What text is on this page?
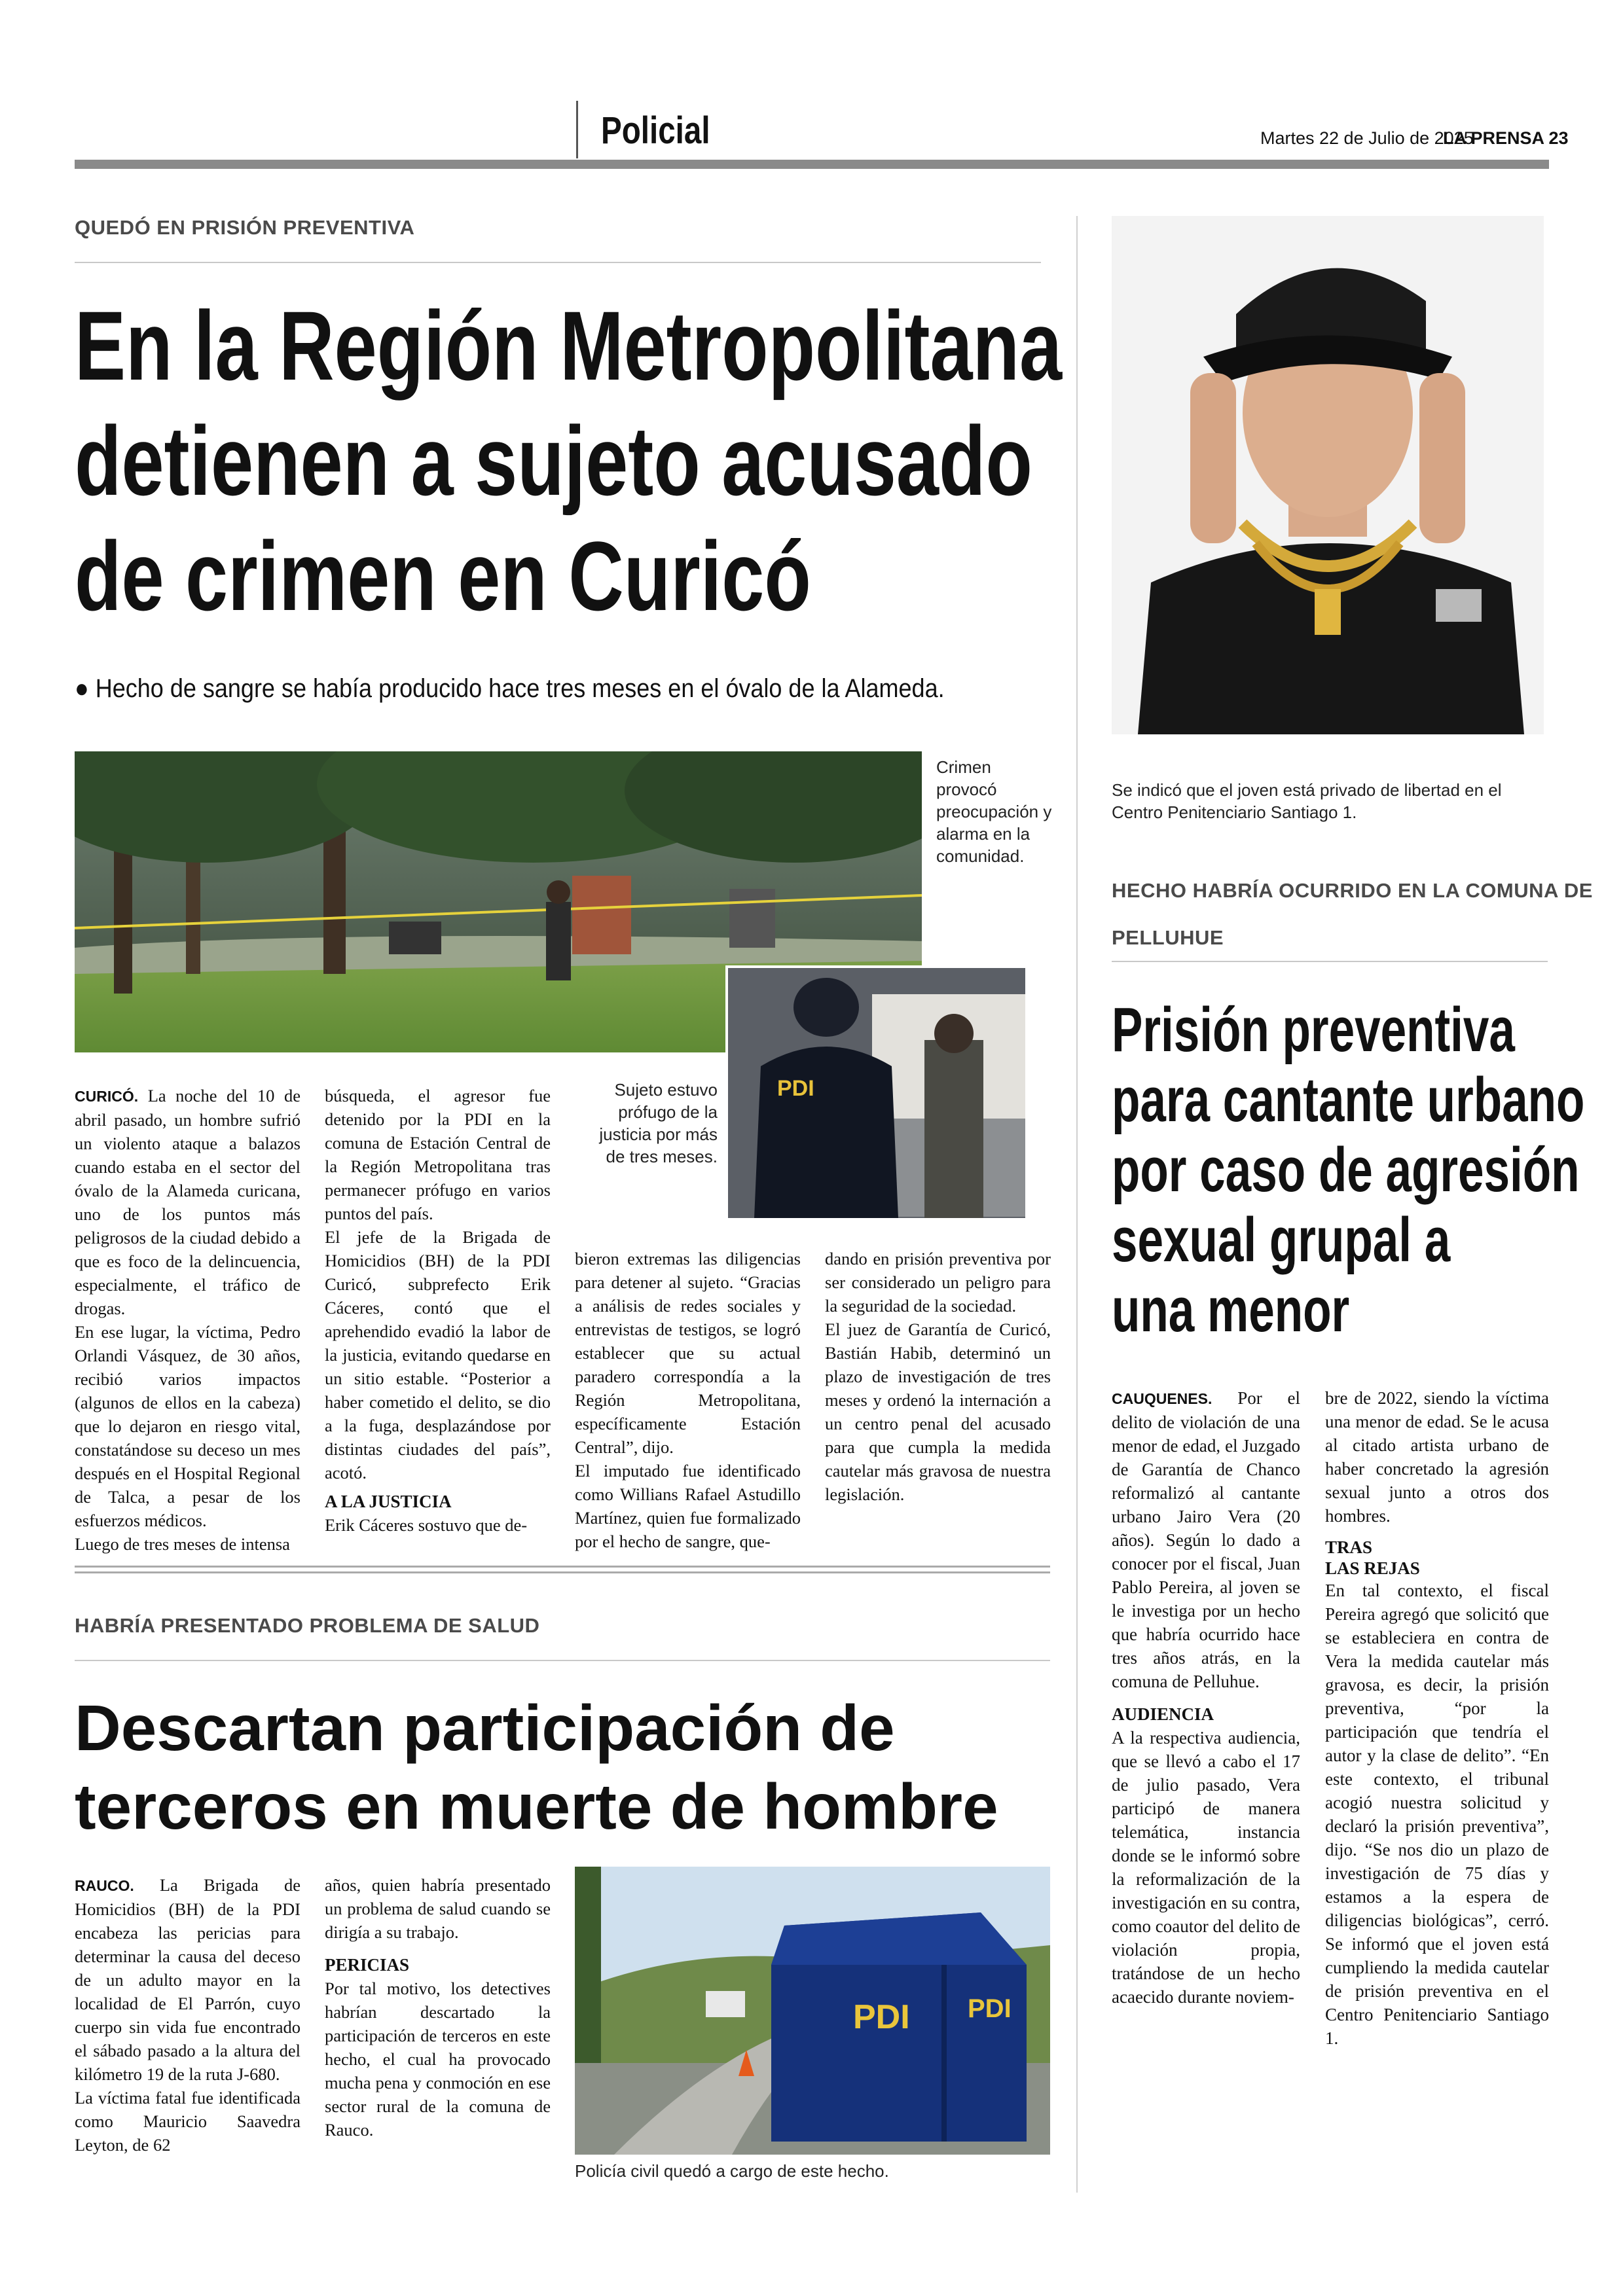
Policial	Martes 22 de Julio de 2025
LA PRENSA 23
QUEDÓ EN PRISIÓN PREVENTIVA
En la Región Metropolitana
detienen a sujeto acusado
de crimen en Curicó
● Hecho de sangre se había producido hace tres meses en el óvalo de la Alameda.
Crimen provocó preocupación y alarma en la comunidad.
PDI
Sujeto estuvo prófugo de la justicia por más de tres meses.

CURICÓ. La noche del 10 de abril pasado, un hombre sufrió un violento ataque a balazos cuando estaba en el sector del óvalo de la Alameda curicana, uno de los puntos más peligrosos de la ciudad debido a que es foco de la delincuencia, especialmente, el tráfico de drogas.

En ese lugar, la víctima, Pedro Orlandi Vásquez, de 30 años, recibió varios impactos (algunos de ellos en la cabeza) que lo dejaron en riesgo vital, constatándose su deceso un mes después en el Hospital Regional de Talca, a pesar de los esfuerzos médicos.

Luego de tres meses de intensa

búsqueda, el agresor fue detenido por la PDI en la comuna de Estación Central de la Región Metropolitana tras permanecer prófugo en varios puntos del país.

El jefe de la Brigada de Homicidios (BH) de la PDI Curicó, subprefecto Erik Cáceres, contó que el aprehendido evadió la labor de la justicia, evitando quedarse en un sitio estable. “Posterior a haber cometido el delito, se dio a la fuga, desplazándose por distintas ciudades del país”, acotó.

A LA JUSTICIA

Erik Cáceres sostuvo que de-

bieron extremas las diligencias para detener al sujeto. “Gracias a análisis de redes sociales y entrevistas de testigos, se logró establecer que su actual paradero correspondía a la Región Metropolitana, específicamente Estación Central”, dijo.

El imputado fue identificado como Willians Rafael Astudillo Martínez, quien fue formalizado por el hecho de sangre, que-

dando en prisión preventiva por ser considerado un peligro para la seguridad de la sociedad.

El juez de Garantía de Curicó, Bastián Habib, determinó un plazo de investigación de tres meses y ordenó la internación a un centro penal del acusado para que cumpla la medida cautelar más gravosa de nuestra legislación.

HABRÍA PRESENTADO PROBLEMA DE SALUD
Descartan participación de
terceros en muerte de hombre

RAUCO. La Brigada de Homicidios (BH) de la PDI encabeza las pericias para determinar la causa del deceso de un adulto mayor en la localidad de El Parrón, cuyo cuerpo sin vida fue encontrado el sábado pasado a la altura del kilómetro 19 de la ruta J-680.

La víctima fatal fue identificada como Mauricio Saavedra Leyton, de 62

años, quien habría presentado un problema de salud cuando se dirigía a su trabajo.

PERICIAS

Por tal motivo, los detectives habrían descartado la participación de terceros en este hecho, el cual ha provocado mucha pena y conmoción en ese sector rural de la comuna de Rauco.

PDI PDI
Policía civil quedó a cargo de este hecho.
Se indicó que el joven está privado de libertad en el Centro Penitenciario Santiago 1.
HECHO HABRÍA OCURRIDO EN LA COMUNA DE
PELLUHUE
Prisión preventiva
para cantante urbano
por caso de agresión
sexual grupal a
una menor

CAUQUENES. Por el delito de violación de una menor de edad, el Juzgado de Garantía de Chanco reformalizó al cantante urbano Jairo Vera (20 años). Según lo dado a conocer por el fiscal, Juan Pablo Pereira, al joven se le investiga por un hecho que habría ocurrido hace tres años atrás, en la comuna de Pelluhue.

AUDIENCIA

A la respectiva audiencia, que se llevó a cabo el 17 de julio pasado, Vera participó de manera telemática, instancia donde se le informó sobre la reformalización de la investigación en su contra, como coautor del delito de violación propia, tratándose de un hecho acaecido durante noviem-

bre de 2022, siendo la víctima una menor de edad. Se le acusa al citado artista urbano de haber concretado la agresión sexual junto a otros dos hombres.

TRAS
LAS REJAS

En tal contexto, el fiscal Pereira agregó que solicitó que se estableciera en contra de Vera la medida cautelar más gravosa, es decir, la prisión preventiva, “por la participación que tendría el autor y la clase de delito”. “En este contexto, el tribunal acogió nuestra solicitud y declaró la prisión preventiva”, dijo. “Se nos dio un plazo de investigación de 75 días y estamos a la espera de diligencias biológicas”, cerró. Se informó que el joven está cumpliendo la medida cautelar de prisión preventiva en el Centro Penitenciario Santiago 1.
